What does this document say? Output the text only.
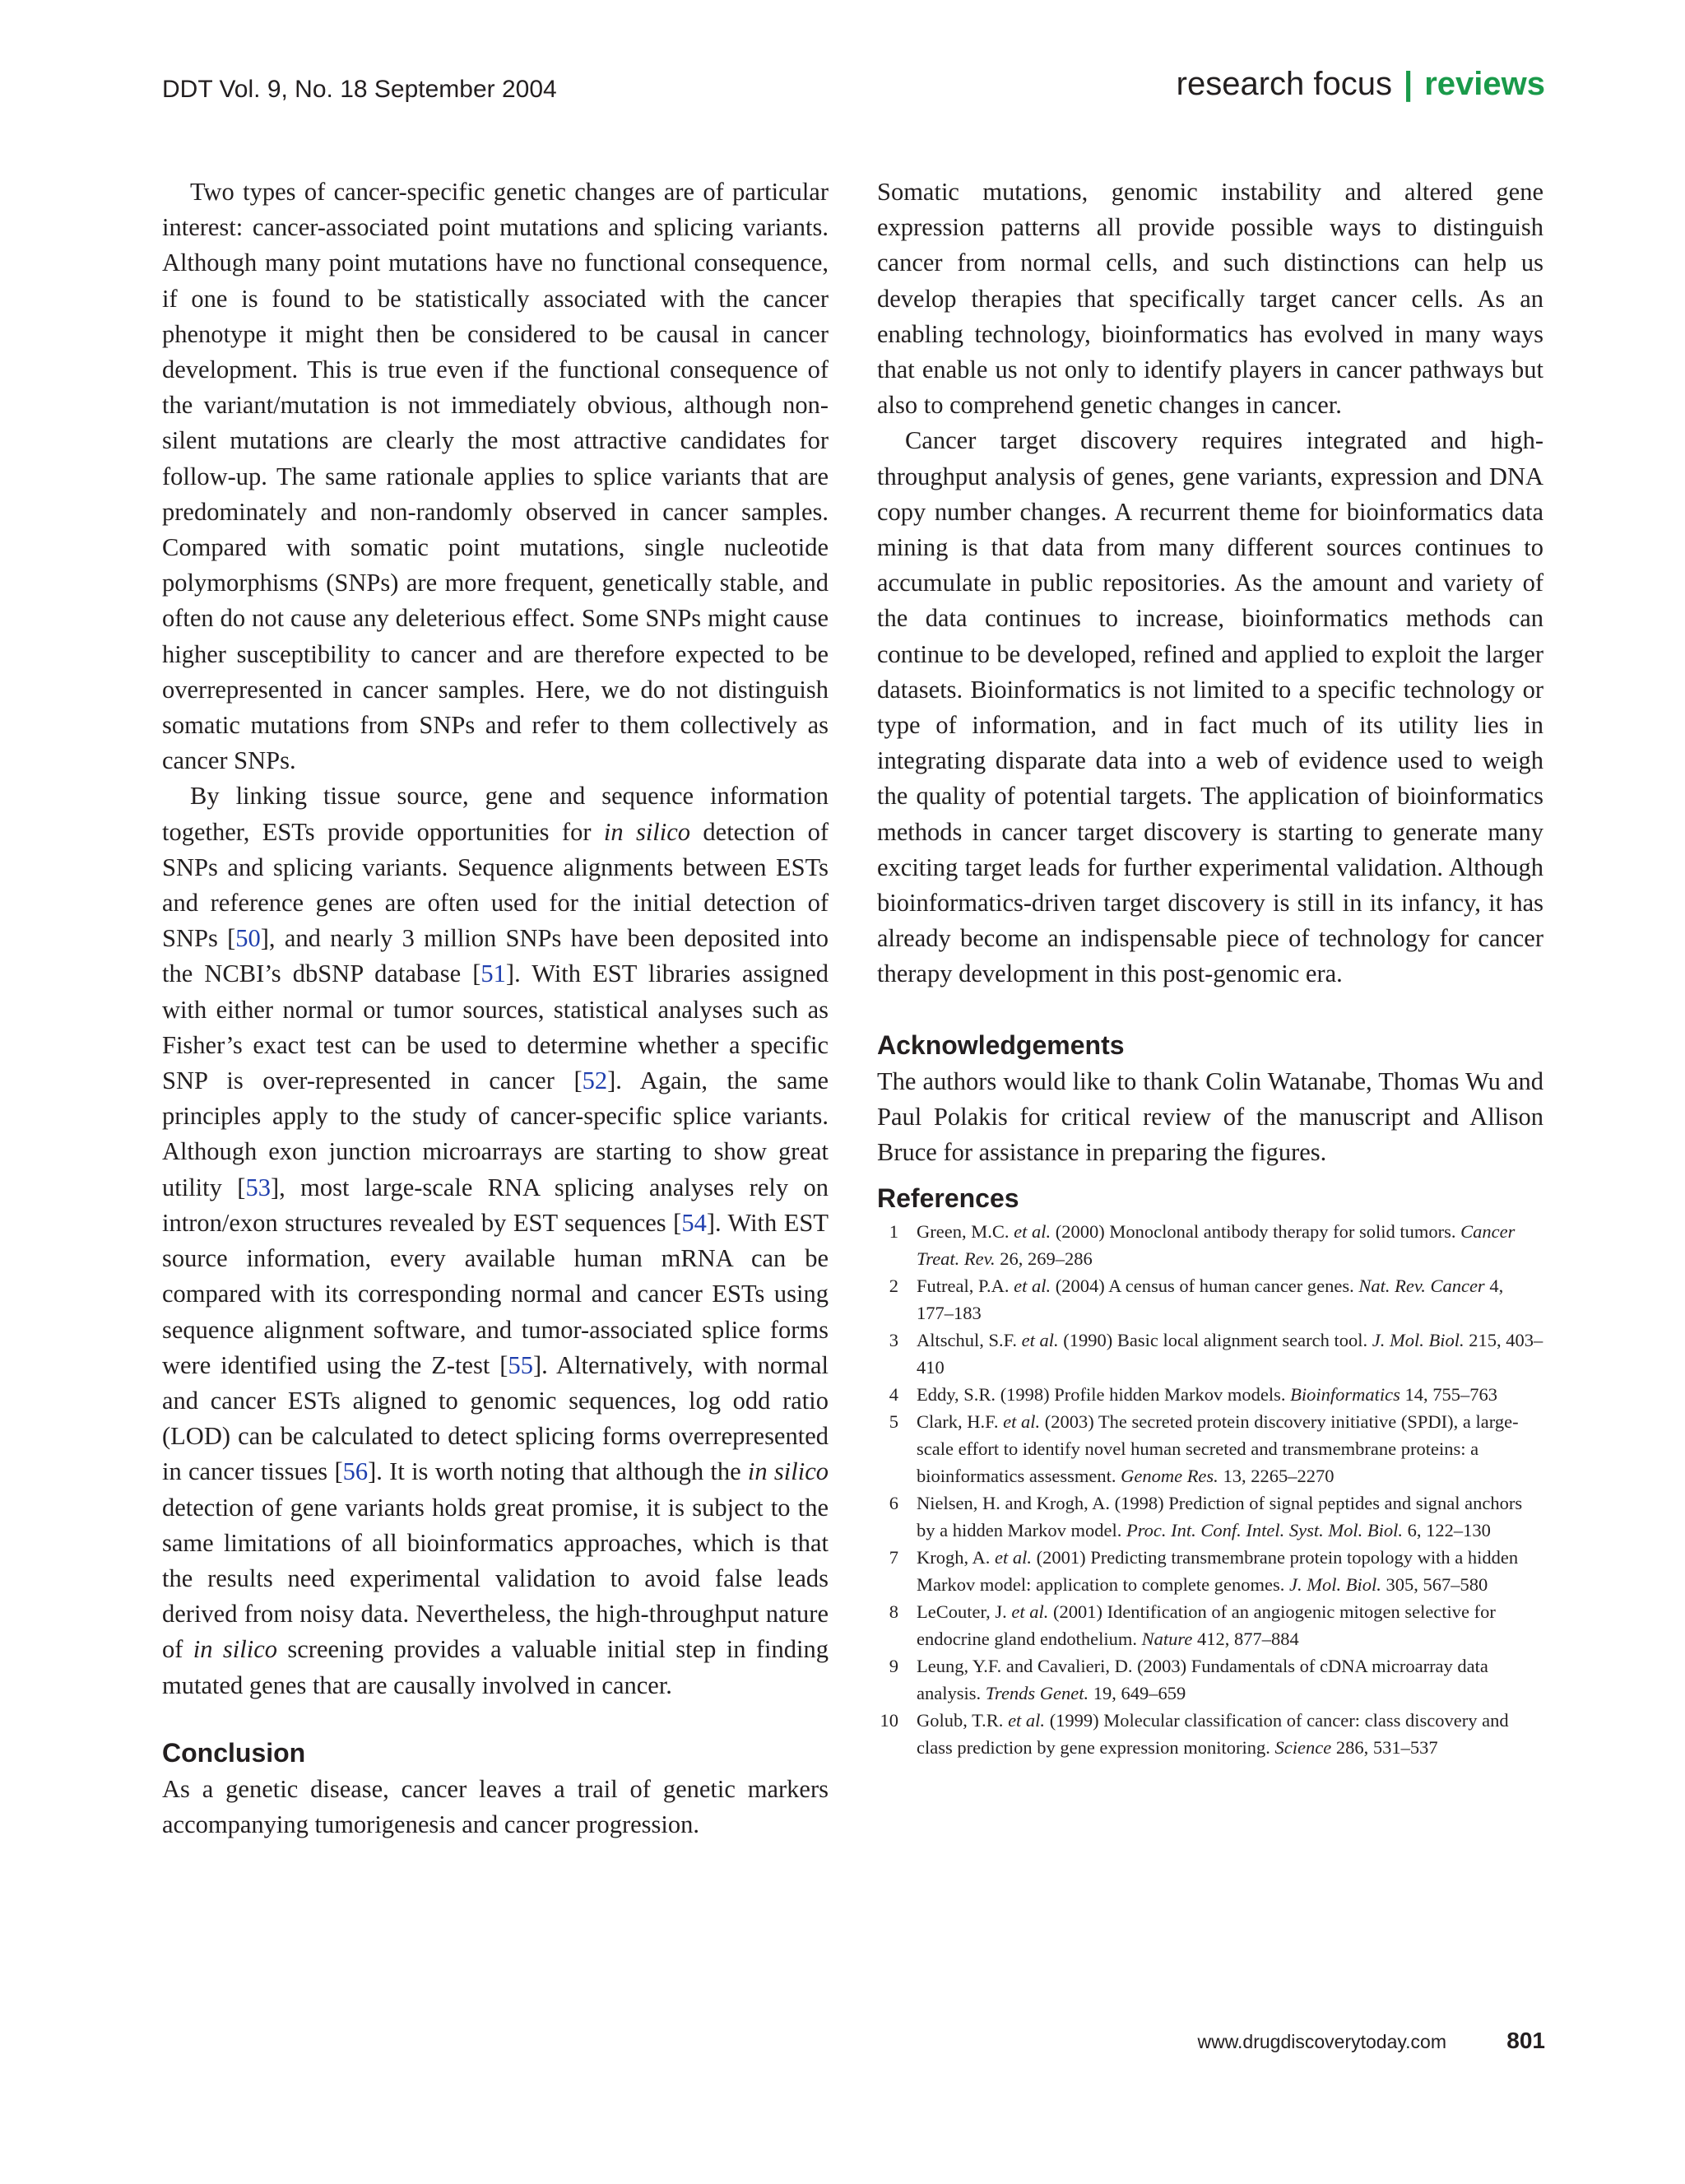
DDT Vol. 9, No. 18 September 2004	research focus | reviews

Two types of cancer-specific genetic changes are of particular interest: cancer-associated point mutations and splicing variants. Although many point mutations have no functional consequence, if one is found to be statistically associated with the cancer phenotype it might then be considered to be causal in cancer development. This is true even if the functional consequence of the variant/mutation is not immediately obvious, although non-silent mutations are clearly the most attractive candidates for follow-up. The same rationale applies to splice variants that are predominately and non-randomly observed in cancer samples. Compared with somatic point mutations, single nucleotide polymorphisms (SNPs) are more frequent, genetically stable, and often do not cause any deleterious effect. Some SNPs might cause higher susceptibility to cancer and are therefore expected to be overrepresented in cancer samples. Here, we do not distinguish somatic mutations from SNPs and refer to them collectively as cancer SNPs.

By linking tissue source, gene and sequence information together, ESTs provide opportunities for in silico detection of SNPs and splicing variants. Sequence alignments between ESTs and reference genes are often used for the initial detection of SNPs [50], and nearly 3 million SNPs have been deposited into the NCBI’s dbSNP database [51]. With EST libraries assigned with either normal or tumor sources, statistical analyses such as Fisher’s exact test can be used to determine whether a specific SNP is over-represented in cancer [52]. Again, the same principles apply to the study of cancer-specific splice variants. Although exon junction microarrays are starting to show great utility [53], most large-scale RNA splicing analyses rely on intron/exon structures revealed by EST sequences [54]. With EST source information, every available human mRNA can be compared with its corresponding normal and cancer ESTs using sequence alignment software, and tumor-associated splice forms were identified using the Z-test [55]. Alternatively, with normal and cancer ESTs aligned to genomic sequences, log odd ratio (LOD) can be calculated to detect splicing forms overrepresented in cancer tissues [56]. It is worth noting that although the in silico detection of gene variants holds great promise, it is subject to the same limitations of all bioinformatics approaches, which is that the results need experimental validation to avoid false leads derived from noisy data. Nevertheless, the high-throughput nature of in silico screening provides a valuable initial step in finding mutated genes that are causally involved in cancer.

Conclusion

As a genetic disease, cancer leaves a trail of genetic markers accompanying tumorigenesis and cancer progression.

Somatic mutations, genomic instability and altered gene expression patterns all provide possible ways to distinguish cancer from normal cells, and such distinctions can help us develop therapies that specifically target cancer cells. As an enabling technology, bioinformatics has evolved in many ways that enable us not only to identify players in cancer pathways but also to comprehend genetic changes in cancer.

Cancer target discovery requires integrated and high-throughput analysis of genes, gene variants, expression and DNA copy number changes. A recurrent theme for bioinformatics data mining is that data from many different sources continues to accumulate in public repositories. As the amount and variety of the data continues to increase, bioinformatics methods can continue to be developed, refined and applied to exploit the larger datasets. Bioinformatics is not limited to a specific technology or type of information, and in fact much of its utility lies in integrating disparate data into a web of evidence used to weigh the quality of potential targets. The application of bioinformatics methods in cancer target discovery is starting to generate many exciting target leads for further experimental validation. Although bioinformatics-driven target discovery is still in its infancy, it has already become an indispensable piece of technology for cancer therapy development in this post-genomic era.

Acknowledgements

The authors would like to thank Colin Watanabe, Thomas Wu and Paul Polakis for critical review of the manuscript and Allison Bruce for assistance in preparing the figures.

References
1 Green, M.C. et al. (2000) Monoclonal antibody therapy for solid tumors. Cancer Treat. Rev. 26, 269–286
2 Futreal, P.A. et al. (2004) A census of human cancer genes. Nat. Rev. Cancer 4, 177–183
3 Altschul, S.F. et al. (1990) Basic local alignment search tool. J. Mol. Biol. 215, 403–410
4 Eddy, S.R. (1998) Profile hidden Markov models. Bioinformatics 14, 755–763
5 Clark, H.F. et al. (2003) The secreted protein discovery initiative (SPDI), a large-scale effort to identify novel human secreted and transmembrane proteins: a bioinformatics assessment. Genome Res. 13, 2265–2270
6 Nielsen, H. and Krogh, A. (1998) Prediction of signal peptides and signal anchors by a hidden Markov model. Proc. Int. Conf. Intel. Syst. Mol. Biol. 6, 122–130
7 Krogh, A. et al. (2001) Predicting transmembrane protein topology with a hidden Markov model: application to complete genomes. J. Mol. Biol. 305, 567–580
8 LeCouter, J. et al. (2001) Identification of an angiogenic mitogen selective for endocrine gland endothelium. Nature 412, 877–884
9 Leung, Y.F. and Cavalieri, D. (2003) Fundamentals of cDNA microarray data analysis. Trends Genet. 19, 649–659
10 Golub, T.R. et al. (1999) Molecular classification of cancer: class discovery and class prediction by gene expression monitoring. Science 286, 531–537
www.drugdiscoverytoday.com	801
